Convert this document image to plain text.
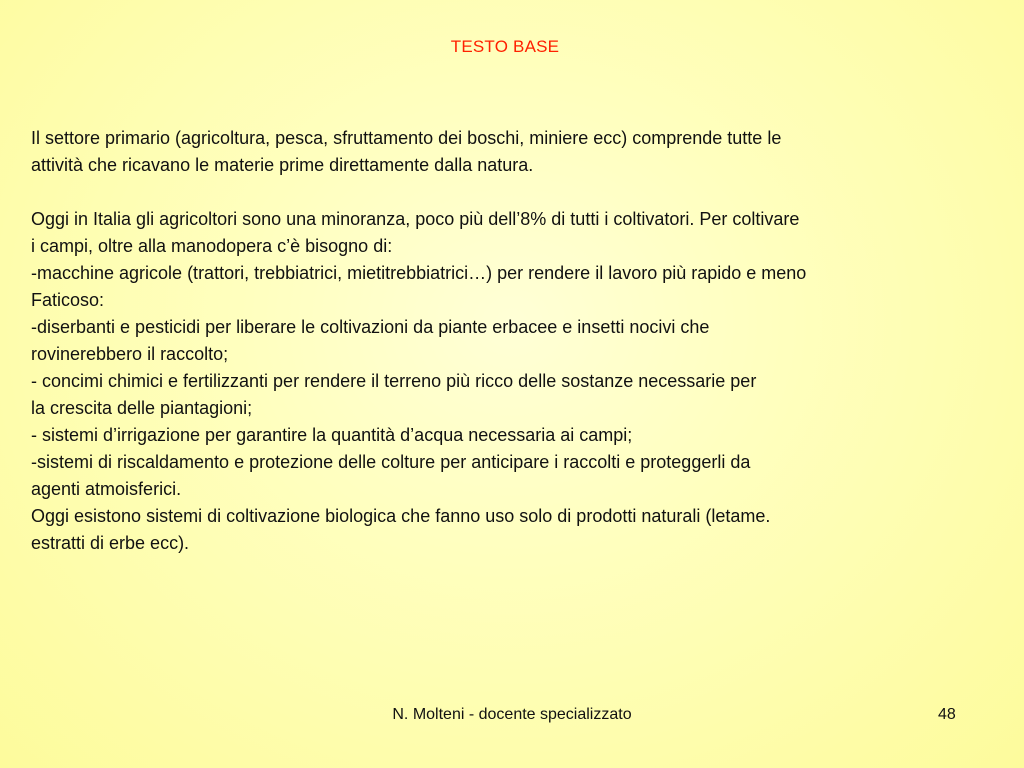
TESTO BASE
Il settore primario (agricoltura, pesca, sfruttamento dei boschi, miniere ecc) comprende tutte le
attività che ricavano le materie prime direttamente dalla natura.
Oggi in Italia gli agricoltori sono una minoranza, poco più dell’8% di tutti i coltivatori. Per coltivare
i campi, oltre alla manodopera c’è bisogno di:
-macchine agricole (trattori, trebbiatrici, mietitrebbiatrici…) per rendere il lavoro più rapido e meno
Faticoso:
-diserbanti e pesticidi per liberare le coltivazioni da piante erbacee e insetti nocivi che
rovinerebbero il raccolto;
- concimi chimici e fertilizzanti per rendere il terreno più ricco delle sostanze necessarie per
la crescita delle piantagioni;
- sistemi d’irrigazione per garantire la quantità d’acqua necessaria ai campi;
-sistemi di riscaldamento e protezione delle colture per anticipare i raccolti e proteggerli da
agenti atmoisferici.
Oggi esistono sistemi di coltivazione biologica che fanno uso solo di prodotti naturali (letame.
estratti di erbe ecc).
N. Molteni - docente specializzato	48
